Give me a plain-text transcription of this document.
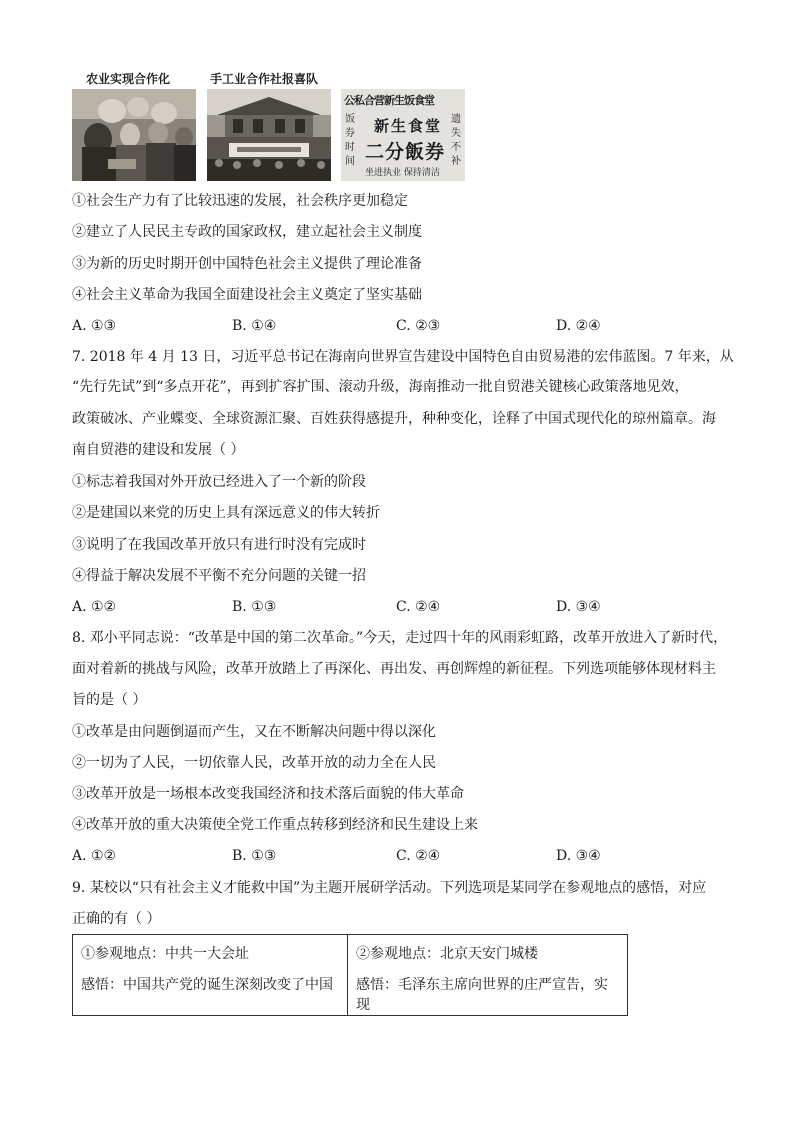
农业实现合作化	手工业合作社报喜队
公私合营新生饭食堂
饭
券
时
间
新生食堂
二分飯券
遗
失
不
补
坐进执业 保持清洁
①社会生产力有了比较迅速的发展，社会秩序更加稳定
②建立了人民民主专政的国家政权，建立起社会主义制度
③为新的历史时期开创中国特色社会主义提供了理论准备
④社会主义革命为我国全面建设社会主义奠定了坚实基础
A. ①③	B. ①④	C. ②③	D. ②④
7. 2018 年 4 月 13 日，习近平总书记在海南向世界宣告建设中国特色自由贸易港的宏伟蓝图。7 年来，从
“先行先试”到“多点开花”，再到扩容扩围、滚动升级，海南推动一批自贸港关键核心政策落地见效，
政策破冰、产业蝶变、全球资源汇聚、百姓获得感提升，种种变化，诠释了中国式现代化的琼州篇章。海
南自贸港的建设和发展（ ）
①标志着我国对外开放已经进入了一个新的阶段
②是建国以来党的历史上具有深远意义的伟大转折
③说明了在我国改革开放只有进行时没有完成时
④得益于解决发展不平衡不充分问题的关键一招
A. ①②	B. ①③	C. ②④	D. ③④
8. 邓小平同志说：“改革是中国的第二次革命。”今天，走过四十年的风雨彩虹路，改革开放进入了新时代，
面对着新的挑战与风险，改革开放踏上了再深化、再出发、再创辉煌的新征程。下列选项能够体现材料主
旨的是（ ）
①改革是由问题倒逼而产生，又在不断解决问题中得以深化
②一切为了人民，一切依靠人民，改革开放的动力全在人民
③改革开放是一场根本改变我国经济和技术落后面貌的伟大革命
④改革开放的重大决策使全党工作重点转移到经济和民生建设上来
A. ①②	B. ①③	C. ②④	D. ③④
9. 某校以“只有社会主义才能救中国”为主题开展研学活动。下列选项是某同学在参观地点的感悟，对应
正确的有（ ）
①参观地点：中共一大会址
感悟：中国共产党的诞生深刻改变了中国

②参观地点：北京天安门城楼
感悟：毛泽东主席向世界的庄严宣告，实现
